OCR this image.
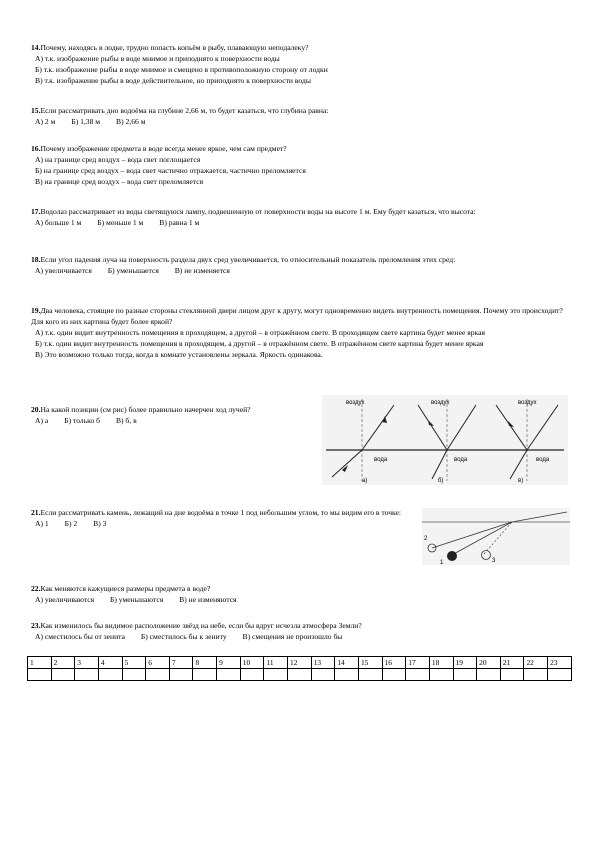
14.Почему, находясь в лодке, трудно попасть копьём в рыбу, плавающую неподалеку?
А) т.к. изображение рыбы в воде мнимое и приподнято к поверхности воды
Б) т.к. изображение рыбы в воде мнимое и смещено в противоположную сторону от лодки
В) т.к. изображение рыбы в воде действительное, но приподнято к поверхности воды
15.Если рассматривать дно водоёма на глубине 2,66 м, то будет казаться, что глубина равна:
А) 2 м Б) 1,38 м В) 2,66 м
16.Почему изображение предмета в воде всегда менее яркое, чем сам предмет?
А) на границе сред воздух – вода свет поглощается
Б) на границе сред воздух – вода свет частично отражается, частично преломляется
В) на границе сред воздух – вода свет преломляется
17.Водолаз рассматривает из воды светящуюся лампу, подвешенную от поверхности воды на высоте 1 м. Ему будет казаться, что высота:
А) больше 1 м Б) меньше 1 м В) равна 1 м
18.Если угол падения луча на поверхность раздела двух сред увеличивается, то относительный показатель преломления этих сред:
А) увеличивается Б) уменьшается В) не изменяется
19.Два человека, стоящие по разные стороны стеклянной двери лицом друг к другу, могут одновременно видеть внутренность помещения. Почему это происходит? Для кого из них картина будет более яркой?
А) т.к. один видит внутренность помещения в проходящем, а другой – в отражённом свете. В проходящем свете картина будет менее яркая
Б) т.к. один видит внутренность помещения в проходящем, а другой – в отражённом свете. В отражённом свете картина будет менее яркая
В) Это возможно только тогда, когда в комнате установлены зеркала. Яркость одинакова.
20.На какой позиции (см рис) более правильно начерчен ход лучей?
А) а Б) только б В) б, в
воздух	воздух	воздух
вода	вода	вода
а)	б)	в)
21.Если рассматривать камень, лежащий на дне водоёма в точке 1 под небольшим углом, то мы видим его в точке:
А) 1 Б) 2 В) 3
2
1	3
22.Как меняются кажущиеся размеры предмета в воде?
А) увеличиваются Б) уменьшаются В) не изменяются
23.Как изменилось бы видимое расположение звёзд на небе, если бы вдруг исчезла атмосфера Земли?
А) сместилось бы от зенита Б) сместилось бы к зениту В) смещения не произошло бы
1	2	3	4	5	6	7	8	9	10	11	12	13	14	15	16	17	18	19	20	21	22	23
